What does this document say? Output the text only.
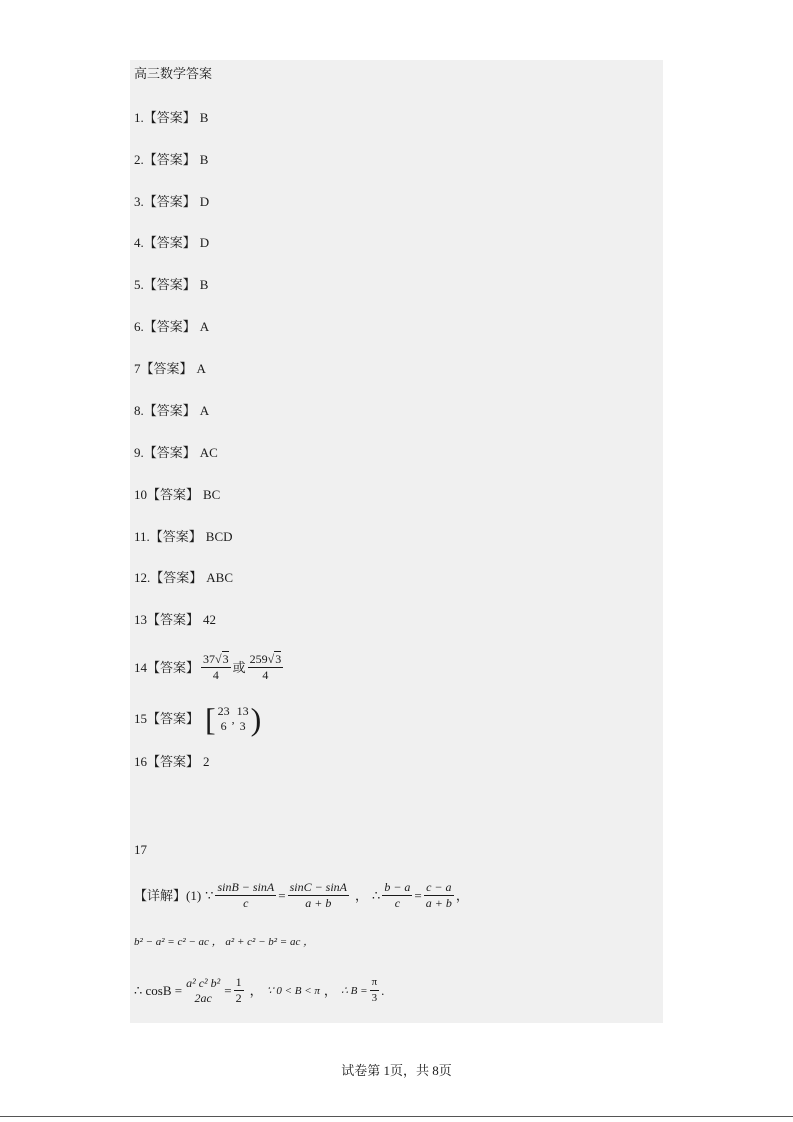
高三数学答案
1.【答案】 B
2.【答案】 B
3.【答案】 D
4.【答案】 D
5.【答案】 B
6.【答案】 A
7【答案】 A
8.【答案】 A
9.【答案】 AC
10【答案】 BC
11.【答案】 BCD
12.【答案】 ABC
13【答案】 42
14 【答案】 $\frac{37√3}{4}$ 或 $\frac{259√3}{4}$
15 【答案】 [ 23
6 ,
13
3 )
16【答案】 2
17
【详解】(1) ∵ $\frac{\sin B - \sin A}{c} = \frac{\sin C - \sin A}{a + b}$ ， ∴ $\frac{b - a}{c} = \frac{c - a}{a + b}$ ，
b² − a² = c² − ac ， a² + c² − b² = ac ，
∴ cosB = a² c² b²
$2ac = \frac{1}{2}$ ， ∵ 0 < B < π ， ∴ $B = \frac{\pi}{3}$ .
试卷第 1页，共 8页
